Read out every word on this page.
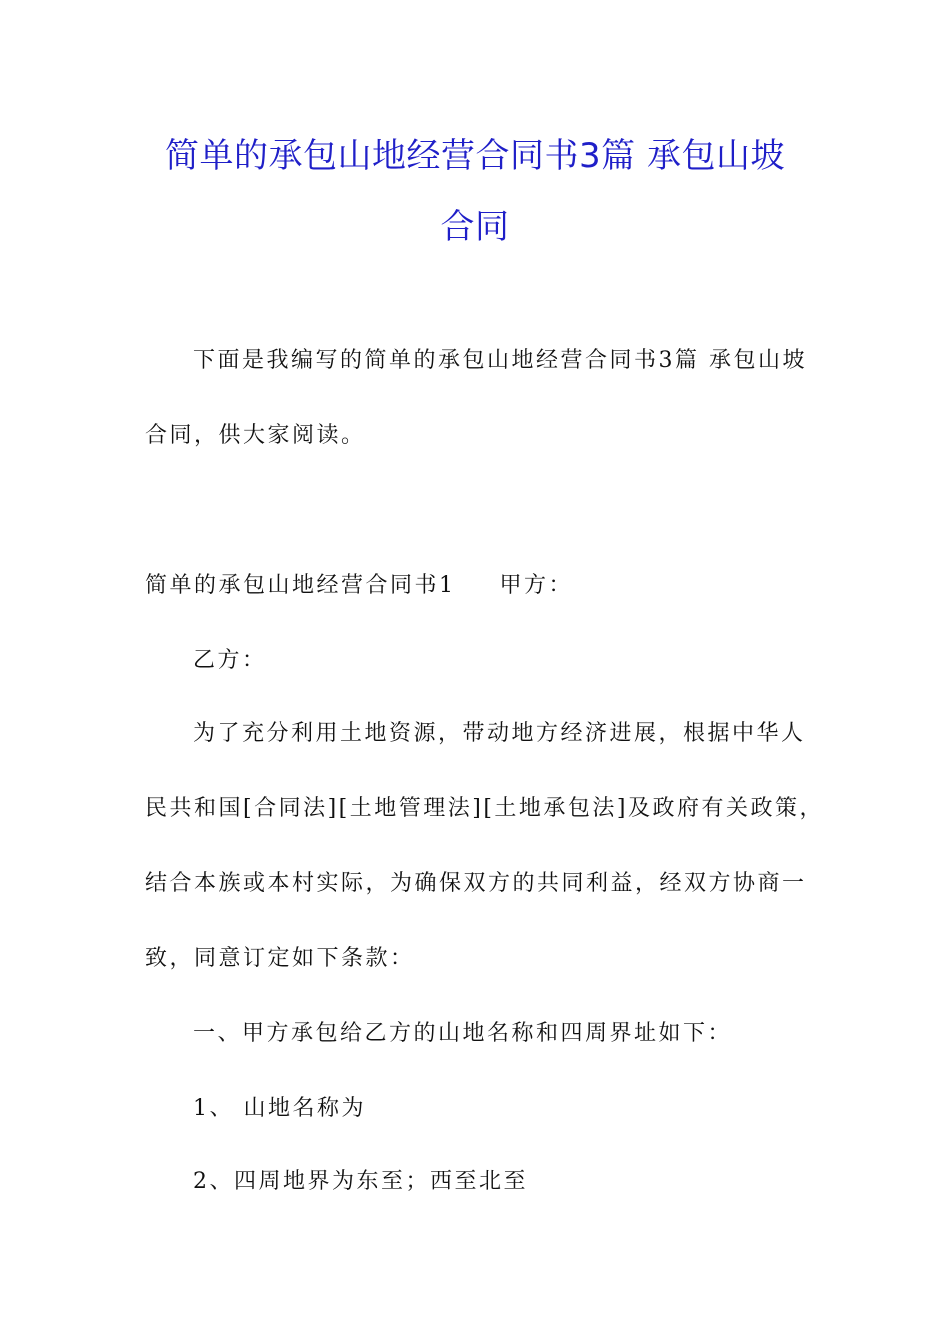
简单的承包山地经营合同书3篇 承包山坡
合同
下面是我编写的简单的承包山地经营合同书3篇 承包山坡
合同，供大家阅读。
简单的承包山地经营合同书1 甲方：
乙方：
为了充分利用土地资源，带动地方经济进展，根据中华人
民共和国[合同法][土地管理法][土地承包法]及政府有关政策，
结合本族或本村实际，为确保双方的共同利益，经双方协商一
致，同意订定如下条款：
一、甲方承包给乙方的山地名称和四周界址如下：
1、 山地名称为
2、四周地界为东至；西至北至
